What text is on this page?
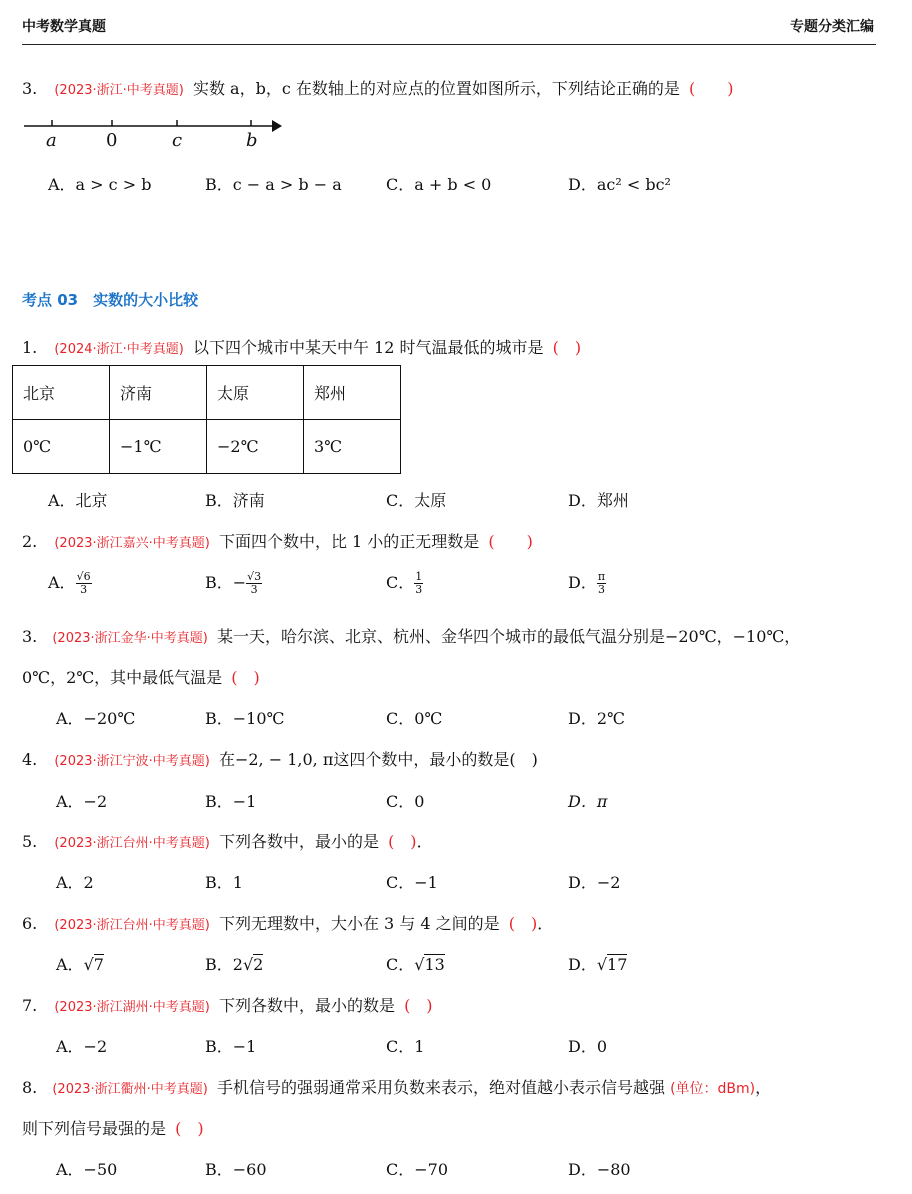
中考数学真题	专题分类汇编
3. (2023·浙江·中考真题) 实数 a，b，c 在数轴上的对应点的位置如图所示，下列结论正确的是 (　　)
a	0	c	b
A．a > c > b	B．c − a > b − a	C．a + b < 0	D．ac² < bc²
考点 03　实数的大小比较
1. (2024·浙江·中考真题) 以下四个城市中某天中午 12 时气温最低的城市是 (　)
北京	济南	太原	郑州
0℃	−1℃	−2℃	3℃
A．北京	B．济南	C．太原	D．郑州
2. (2023·浙江嘉兴·中考真题) 下面四个数中，比 1 小的正无理数是 (　　)
A． $\frac{√6}{3}$	B．− $\frac{√3}{3}$	C． $\frac{1}{3}$	D． $\frac{\pi}{3}$
3. (2023·浙江金华·中考真题) 某一天，哈尔滨、北京、杭州、金华四个城市的最低气温分别是−20℃，−10℃，
0℃，2℃，其中最低气温是 (　)
A．−20℃	B．−10℃	C．0℃	D．2℃
4. (2023·浙江宁波·中考真题) 在−2, − 1,0, π这四个数中，最小的数是(　)
A．−2	B．−1	C．0	D．π
5. (2023·浙江台州·中考真题) 下列各数中，最小的是 (　)．
A．2	B．1	C．−1	D．−2
6. (2023·浙江台州·中考真题) 下列无理数中，大小在 3 与 4 之间的是 (　)．
A．√7	B．2√2	C．√13	D．√17
7. (2023·浙江湖州·中考真题) 下列各数中，最小的数是 (　)
A．−2	B．−1	C．1	D．0
8. (2023·浙江衢州·中考真题) 手机信号的强弱通常采用负数来表示，绝对值越小表示信号越强 (单位：dBm)，
则下列信号最强的是 (　)
A．−50	B．−60	C．−70	D．−80
